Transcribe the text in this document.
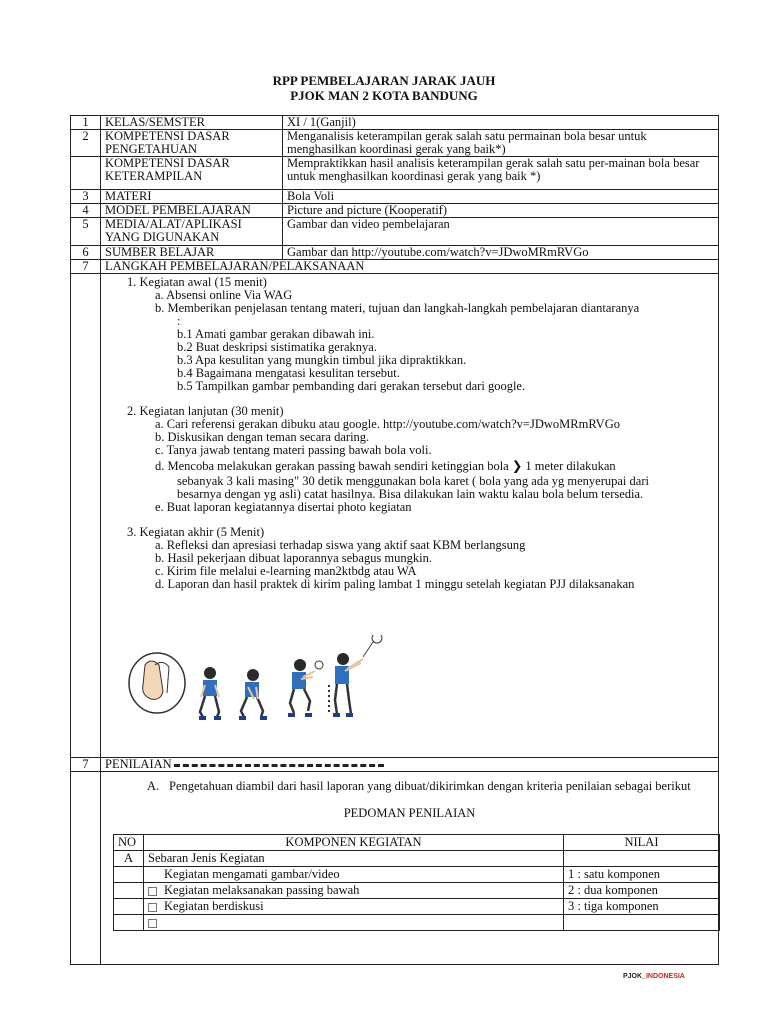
RPP PEMBELAJARAN JARAK JAUH
PJOK MAN 2 KOTA BANDUNG
1	KELAS/SEMSTER	XI / 1(Ganjil)
2	KOMPETENSI DASAR PENGETAHUAN	Menganalisis keterampilan gerak salah satu permainan bola besar untuk menghasilkan koordinasi gerak yang baik*)
	KOMPETENSI DASAR KETERAMPILAN	Mempraktikkan hasil analisis keterampilan gerak salah satu per-mainan bola besar untuk menghasilkan koordinasi gerak yang baik *)
3	MATERI	Bola Voli
4	MODEL PEMBELAJARAN	Picture and picture (Kooperatif)
5	MEDIA/ALAT/APLIKASI YANG DIGUNAKAN	Gambar dan video pembelajaran
6	SUMBER BELAJAR	Gambar dan http://youtube.com/watch?v=JDwoMRmRVGo
7	LANGKAH PEMBELAJARAN/PELAKSANAAN

1. Kegiatan awal (15 menit)
a. Absensi online Via WAG
b. Memberikan penjelasan tentang materi, tujuan dan langkah-langkah pembelajaran diantaranya
:
b.1 Amati gambar gerakan dibawah ini.
b.2 Buat deskripsi sistimatika geraknya.
b.3 Apa kesulitan yang mungkin timbul jika dipraktikkan.
b.4 Bagaimana mengatasi kesulitan tersebut.
b.5 Tampilkan gambar pembanding dari gerakan tersebut dari google.
2. Kegiatan lanjutan (30 menit)
a. Cari referensi gerakan dibuku atau google. http://youtube.com/watch?v=JDwoMRmRVGo
b. Diskusikan dengan teman secara daring.
c. Tanya jawab tentang materi passing bawah bola voli.
d. Mencoba melakukan gerakan passing bawah sendiri ketinggian bola ❯ 1 meter dilakukan
sebanyak 3 kali masing" 30 detik menggunakan bola karet ( bola yang ada yg menyerupai dari
besarnya dengan yg asli) catat hasilnya. Bisa dilakukan lain waktu kalau bola belum tersedia.
e. Buat laporan kegiatannya disertai photo kegiatan
3. Kegiatan akhir (5 Menit)
a. Refleksi dan apresiasi terhadap siswa yang aktif saat KBM berlangsung
b. Hasil pekerjaan dibuat laporannya sebagus mungkin.
c. Kirim file melalui e-learning man2ktbdg atau WA
d. Laporan dan hasil praktek di kirim paling lambat 1 minggu setelah kegiatan PJJ dilaksanakan

7	PENILAIAN

A. Pengetahuan diambil dari hasil laporan yang dibuat/dikirimkan dengan kriteria penilaian sebagai berikut
PEDOMAN PENILAIAN
NO	KOMPONEN KEGIATAN	NILAI
A	Sebaran Jenis Kegiatan	
	Kegiatan mengamati gambar/video	1 : satu komponen
	Kegiatan melaksanakan passing bawah	2 : dua komponen
	Kegiatan berdiskusi	3 : tiga komponen

PJOK_INDONESIA
